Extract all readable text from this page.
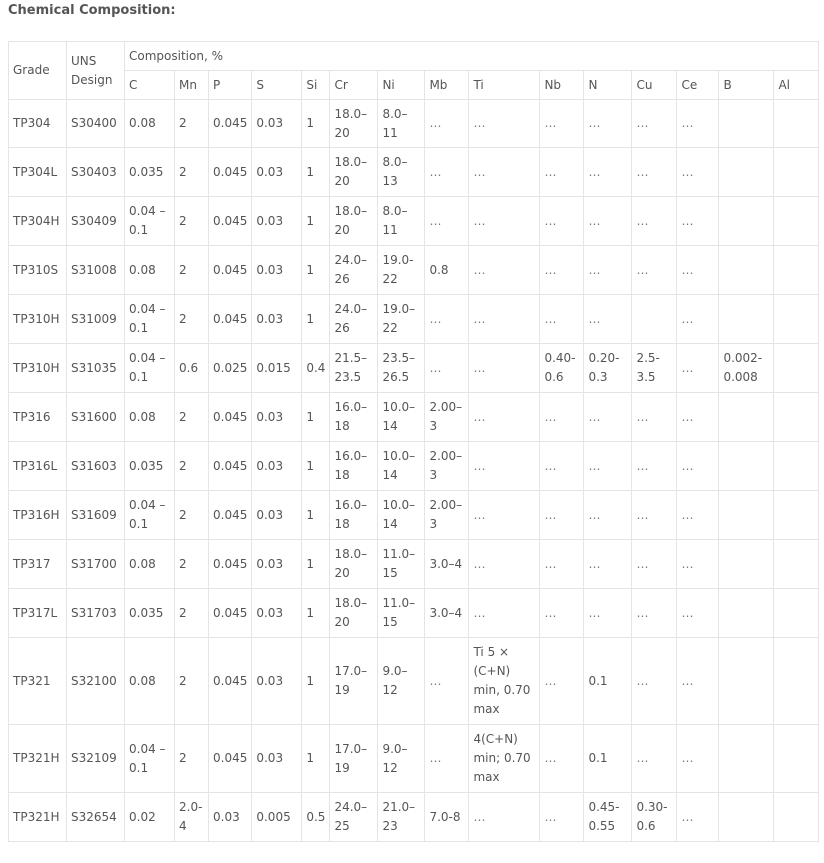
Chemical Composition:
Grade	UNS Design	Composition, %														
		C	Mn	P	S	Si	Cr	Ni	Mb	Ti	Nb	N	Cu	Ce	B	Al
TP304	S30400	0.08	2	0.045	0.03	1	18.0–20	8.0–11	…	…	…	…	…	…		
TP304L	S30403	0.035	2	0.045	0.03	1	18.0–20	8.0–13	…	…	…	…	…	…		
TP304H	S30409	0.04 – 0.1	2	0.045	0.03	1	18.0–20	8.0–11	…	…	…	…	…	…		
TP310S	S31008	0.08	2	0.045	0.03	1	24.0–26	19.0-22	0.8	…	…	…	…	…		
TP310H	S31009	0.04 – 0.1	2	0.045	0.03	1	24.0–26	19.0–22	…	…	…	…		…		
TP310H	S31035	0.04 – 0.1	0.6	0.025	0.015	0.4	21.5–23.5	23.5–26.5	…	…	0.40-0.6	0.20-0.3	2.5-3.5	…	0.002-0.008	
TP316	S31600	0.08	2	0.045	0.03	1	16.0–18	10.0–14	2.00–3	…	…	…	…	…		
TP316L	S31603	0.035	2	0.045	0.03	1	16.0–18	10.0–14	2.00–3	…	…	…	…	…		
TP316H	S31609	0.04 – 0.1	2	0.045	0.03	1	16.0–18	10.0–14	2.00–3	…	…	…	…	…		
TP317	S31700	0.08	2	0.045	0.03	1	18.0–20	11.0–15	3.0–4	…	…	…	…	…		
TP317L	S31703	0.035	2	0.045	0.03	1	18.0–20	11.0–15	3.0–4	…	…	…	…	…		
TP321	S32100	0.08	2	0.045	0.03	1	17.0–19	9.0–12	…	Ti 5 × (C+N) min, 0.70 max	…	0.1	…	…		
TP321H	S32109	0.04 – 0.1	2	0.045	0.03	1	17.0–19	9.0–12	…	4(C+N) min; 0.70 max	…	0.1	…	…		
TP321H	S32654	0.02	2.0-4	0.03	0.005	0.5	24.0–25	21.0–23	7.0-8	…	…	0.45-0.55	0.30-0.6	…		
